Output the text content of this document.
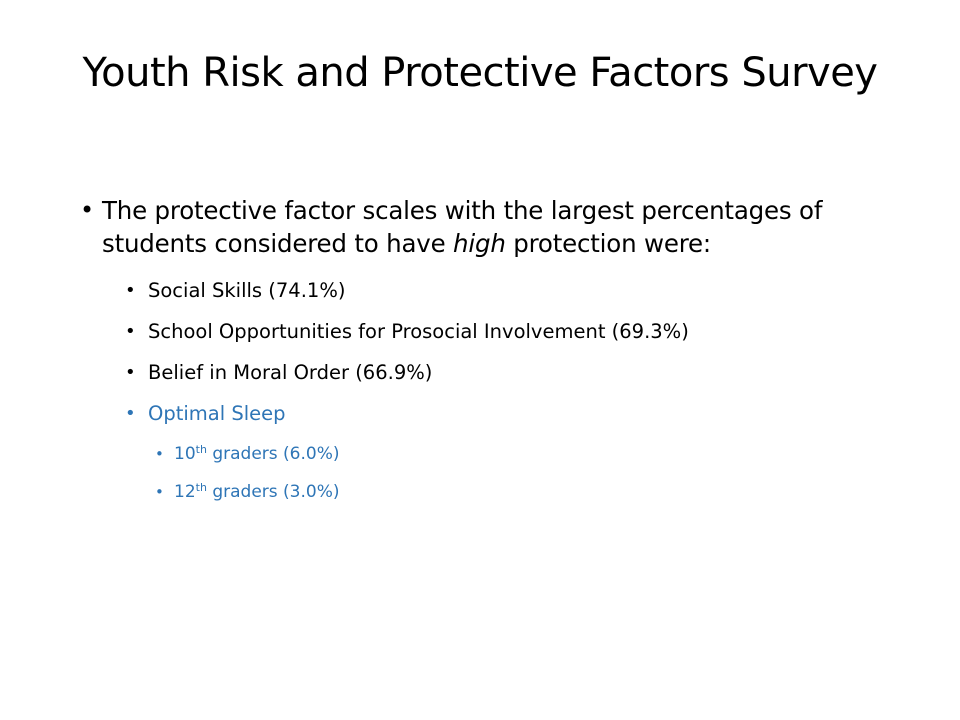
Youth Risk and Protective Factors Survey
• The protective factor scales with the largest percentages of students considered to have high protection were:
• Social Skills (74.1%)
• School Opportunities for Prosocial Involvement (69.3%)
• Belief in Moral Order (66.9%)
• Optimal Sleep
• 10th graders (6.0%)
• 12th graders (3.0%)
